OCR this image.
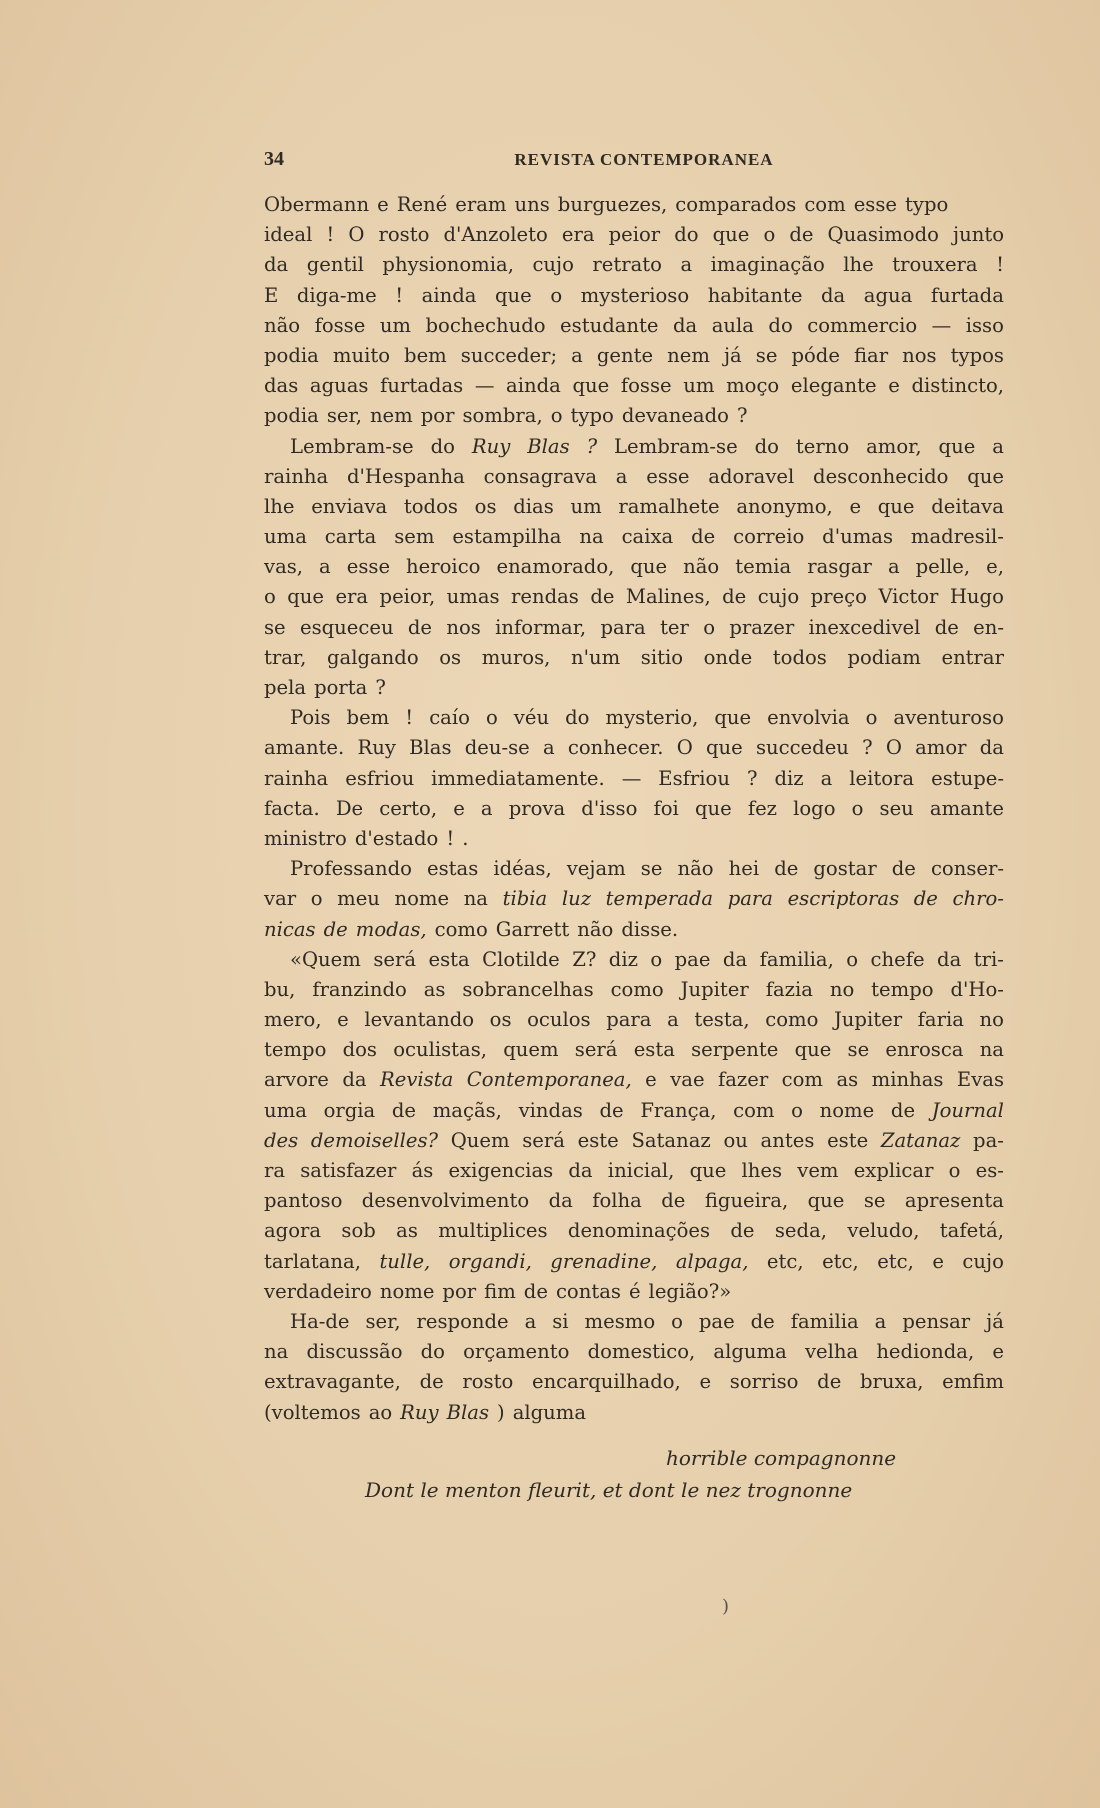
34	REVISTA CONTEMPORANEA
Obermann e René eram uns burguezes, comparados com esse typo
ideal ! O rosto d'Anzoleto era peior do que o de Quasimodo junto
da gentil physionomia, cujo retrato a imaginação lhe trouxera !
E diga-me ! ainda que o mysterioso habitante da agua furtada
não fosse um bochechudo estudante da aula do commercio — isso
podia muito bem succeder; a gente nem já se póde fiar nos typos
das aguas furtadas — ainda que fosse um moço elegante e distincto,
podia ser, nem por sombra, o typo devaneado ?
Lembram-se do Ruy Blas ? Lembram-se do terno amor, que a
rainha d'Hespanha consagrava a esse adoravel desconhecido que
lhe enviava todos os dias um ramalhete anonymo, e que deitava
uma carta sem estampilha na caixa de correio d'umas madresil-
vas, a esse heroico enamorado, que não temia rasgar a pelle, e,
o que era peior, umas rendas de Malines, de cujo preço Victor Hugo
se esqueceu de nos informar, para ter o prazer inexcedivel de en-
trar, galgando os muros, n'um sitio onde todos podiam entrar
pela porta ?
Pois bem ! caío o véu do mysterio, que envolvia o aventuroso
amante. Ruy Blas deu-se a conhecer. O que succedeu ? O amor da
rainha esfriou immediatamente. — Esfriou ? diz a leitora estupe-
facta. De certo, e a prova d'isso foi que fez logo o seu amante
ministro d'estado ! .
Professando estas idéas, vejam se não hei de gostar de conser-
var o meu nome na tibia luz temperada para escriptoras de chro-
nicas de modas, como Garrett não disse.
«Quem será esta Clotilde Z? diz o pae da familia, o chefe da tri-
bu, franzindo as sobrancelhas como Jupiter fazia no tempo d'Ho-
mero, e levantando os oculos para a testa, como Jupiter faria no
tempo dos oculistas, quem será esta serpente que se enrosca na
arvore da Revista Contemporanea, e vae fazer com as minhas Evas
uma orgia de maçãs, vindas de França, com o nome de Journal
des demoiselles? Quem será este Satanaz ou antes este Zatanaz pa-
ra satisfazer ás exigencias da inicial, que lhes vem explicar o es-
pantoso desenvolvimento da folha de figueira, que se apresenta
agora sob as multiplices denominações de seda, veludo, tafetá,
tarlatana, tulle, organdi, grenadine, alpaga, etc, etc, etc, e cujo
verdadeiro nome por fim de contas é legião?»
Ha-de ser, responde a si mesmo o pae de familia a pensar já
na discussão do orçamento domestico, alguma velha hedionda, e
extravagante, de rosto encarquilhado, e sorriso de bruxa, emfim
(voltemos ao Ruy Blas ) alguma
horrible compagnonne
Dont le menton fleurit, et dont le nez trognonne
)
